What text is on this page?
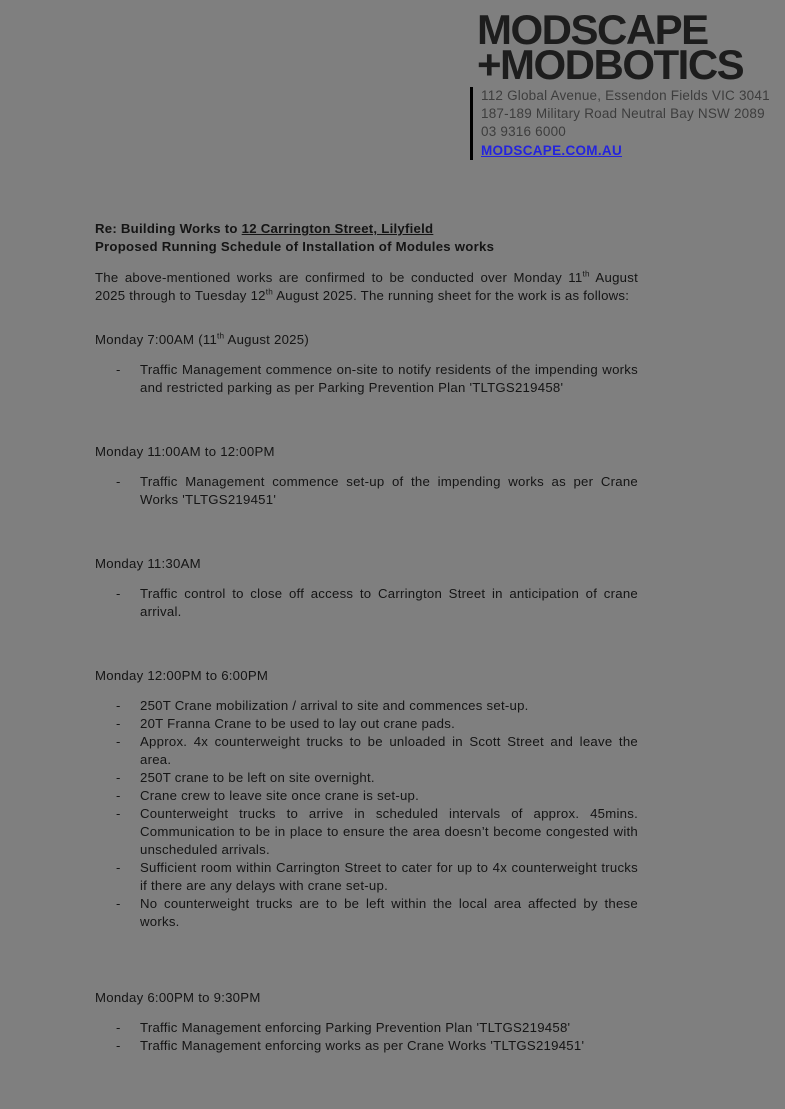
MODSCAPE
+MODBOTICS
112 Global Avenue, Essendon Fields VIC 3041
187-189 Military Road Neutral Bay NSW 2089
03 9316 6000
MODSCAPE.COM.AU
Re: Building Works to 12 Carrington Street, Lilyfield
Proposed Running Schedule of Installation of Modules works

The above-mentioned works are confirmed to be conducted over Monday 11th August 2025 through to Tuesday 12th August 2025. The running sheet for the work is as follows:

Monday 7:00AM (11th August 2025)
- Traffic Management commence on-site to notify residents of the impending works and restricted parking as per Parking Prevention Plan 'TLTGS219458'
Monday 11:00AM to 12:00PM
- Traffic Management commence set-up of the impending works as per Crane Works 'TLTGS219451'
Monday 11:30AM
- Traffic control to close off access to Carrington Street in anticipation of crane arrival.
Monday 12:00PM to 6:00PM
- 250T Crane mobilization / arrival to site and commences set-up.
- 20T Franna Crane to be used to lay out crane pads.
- Approx. 4x counterweight trucks to be unloaded in Scott Street and leave the area.
- 250T crane to be left on site overnight.
- Crane crew to leave site once crane is set-up.
- Counterweight trucks to arrive in scheduled intervals of approx. 45mins. Communication to be in place to ensure the area doesn’t become congested with unscheduled arrivals.
- Sufficient room within Carrington Street to cater for up to 4x counterweight trucks if there are any delays with crane set-up.
- No counterweight trucks are to be left within the local area affected by these works.
Monday 6:00PM to 9:30PM
- Traffic Management enforcing Parking Prevention Plan 'TLTGS219458'
- Traffic Management enforcing works as per Crane Works 'TLTGS219451'
